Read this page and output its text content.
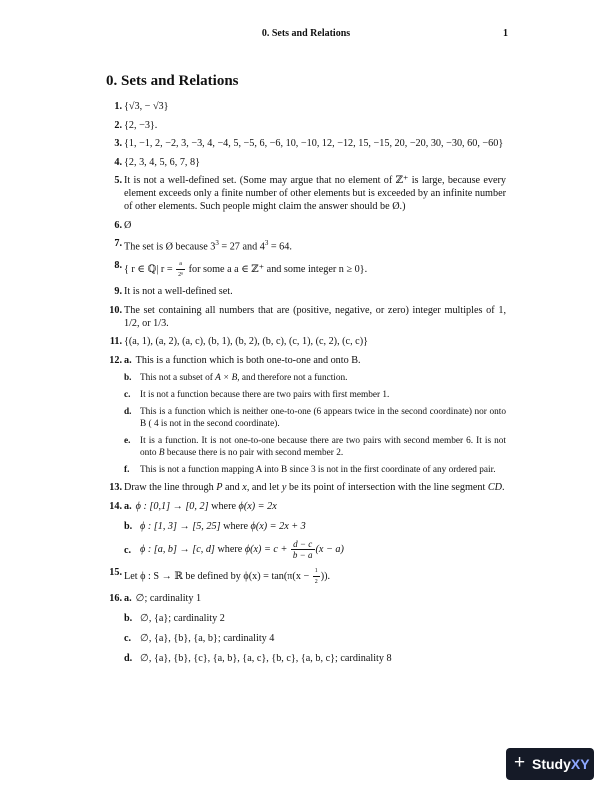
0. Sets and Relations	1
0. Sets and Relations
1. {√3, − √3}
2. {2, −3}.
3. {1, −1, 2, −2, 3, −3, 4, −4, 5, −5, 6, −6, 10, −10, 12, −12, 15, −15, 20, −20, 30, −30, 60, −60}
4. {2, 3, 4, 5, 6, 7, 8}
5. It is not a well-defined set. (Some may argue that no element of ℤ⁺ is large, because every element exceeds only a finite number of other elements but is exceeded by an infinite number of other elements. Such people might claim the answer should be Ø.)
6. Ø
7. The set is Ø because $3^3 = 27$ and $4^3 = 64$.
8. { r ∈ ℚ| $r = \frac{a}{\text{2ⁿ}}$ for some a a ∈ ℤ⁺ and some integer n ≥ 0}.
9. It is not a well-defined set.
10. The set containing all numbers that are (positive, negative, or zero) integer multiples of 1, 1/2, or 1/3.
11. {(a, 1), (a, 2), (a, c), (b, 1), (b, 2), (b, c), (c, 1), (c, 2), (c, c)}
12. a. This is a function which is both one-to-one and onto B.
b. This not a subset of A × B, and therefore not a function.
c. It is not a function because there are two pairs with first member 1.
d. This is a function which is neither one-to-one (6 appears twice in the second coordinate) nor onto B ( 4 is not in the second coordinate).
e. It is a function. It is not one-to-one because there are two pairs with second member 6. It is not onto B because there is no pair with second member 2.
f. This is not a function mapping A into B since 3 is not in the first coordinate of any ordered pair.
13. Draw the line through P and x, and let y be its point of intersection with the line segment CD.
14. a. ϕ : [0,1] → [0, 2] where ϕ(x) = 2x
b. ϕ : [1, 3] → [5, 25] where ϕ(x) = 2x + 3
c. ϕ : [a, b] → [c, d] where $\phi(x) = c + \frac{d - c}{b - a} (x - a)$
15. Let ϕ : S → ℝ be defined by $\phi(x) = \tan(\pi(x - \frac{1}{2}$ )).
16. a. ∅; cardinality 1
b. ∅, {a}; cardinality 2
c. ∅, {a}, {b}, {a, b}; cardinality 4
d. ∅, {a}, {b}, {c}, {a, b}, {a, c}, {b, c}, {a, b, c}; cardinality 8
+ StudyXY
